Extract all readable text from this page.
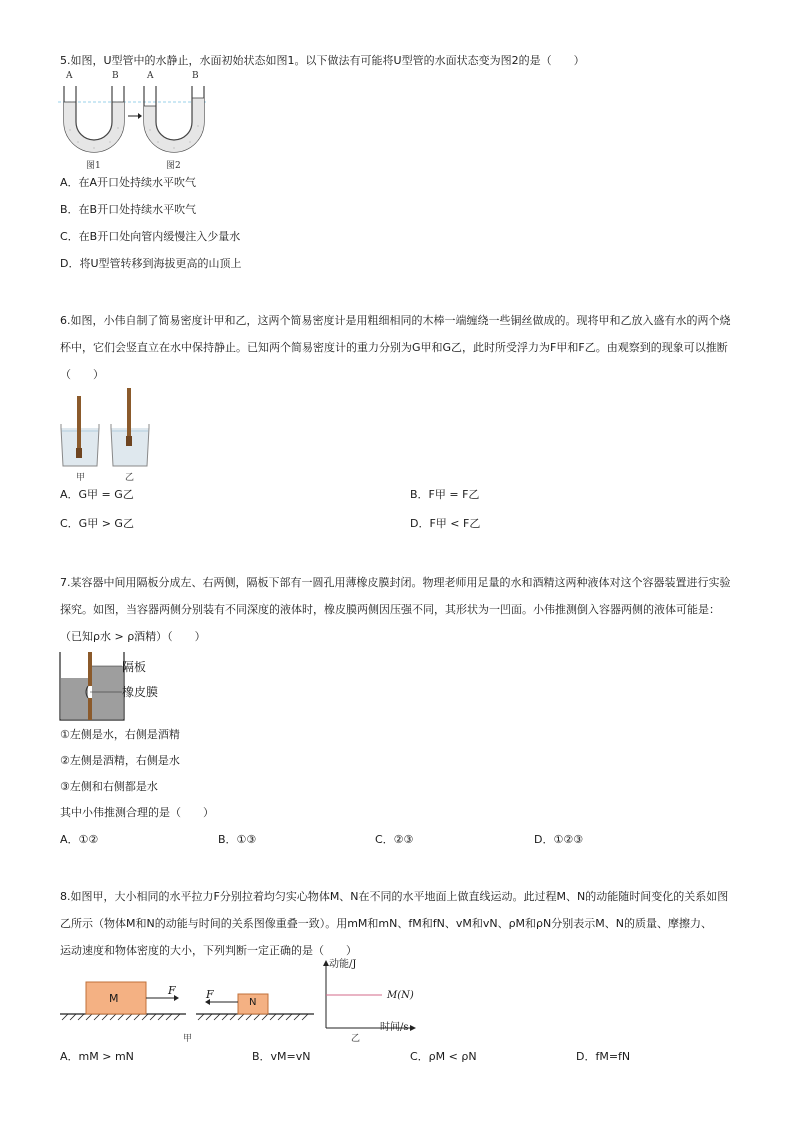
5.如图，U型管中的水静止，水面初始状态如图1。以下做法有可能将U型管的水面状态变为图2的是（　　）
A	B	A	B
图1	图2
A．在A开口处持续水平吹气
B．在B开口处持续水平吹气
C．在B开口处向管内缓慢注入少量水
D．将U型管转移到海拔更高的山顶上
6.如图，小伟自制了简易密度计甲和乙，这两个简易密度计是用粗细相同的木棒一端缠绕一些铜丝做成的。现将甲和乙放入盛有水的两个烧
杯中，它们会竖直立在水中保持静止。已知两个简易密度计的重力分别为G甲和G乙，此时所受浮力为F甲和F乙。由观察到的现象可以推断
（　　）
甲	乙
A．G甲 = G乙	B．F甲 = F乙
C．G甲 > G乙	D．F甲 < F乙
7.某容器中间用隔板分成左、右两侧，隔板下部有一圆孔用薄橡皮膜封闭。物理老师用足量的水和酒精这两种液体对这个容器装置进行实验
探究。如图，当容器两侧分别装有不同深度的液体时，橡皮膜两侧因压强不同，其形状为一凹面。小伟推测倒入容器两侧的液体可能是：
（已知ρ水 > ρ酒精）（　　）
隔板
橡皮膜
①左侧是水，右侧是酒精
②左侧是酒精，右侧是水
③左侧和右侧都是水
其中小伟推测合理的是（　　）
A．①②	B．①③	C．②③	D．①②③
8.如图甲，大小相同的水平拉力F分别拉着均匀实心物体M、N在不同的水平地面上做直线运动。此过程M、N的动能随时间变化的关系如图
乙所示（物体M和N的动能与时间的关系图像重叠一致）。用mM和mN、fM和fN、vM和vN、ρM和ρN分别表示M、N的质量、摩擦力、
运动速度和物体密度的大小，下列判断一定正确的是（　　）
M	N
F	F
甲
动能/J
M(N)
时间/s
乙
A．mM > mN	B．vM=vN	C．ρM < ρN	D．fM=fN
